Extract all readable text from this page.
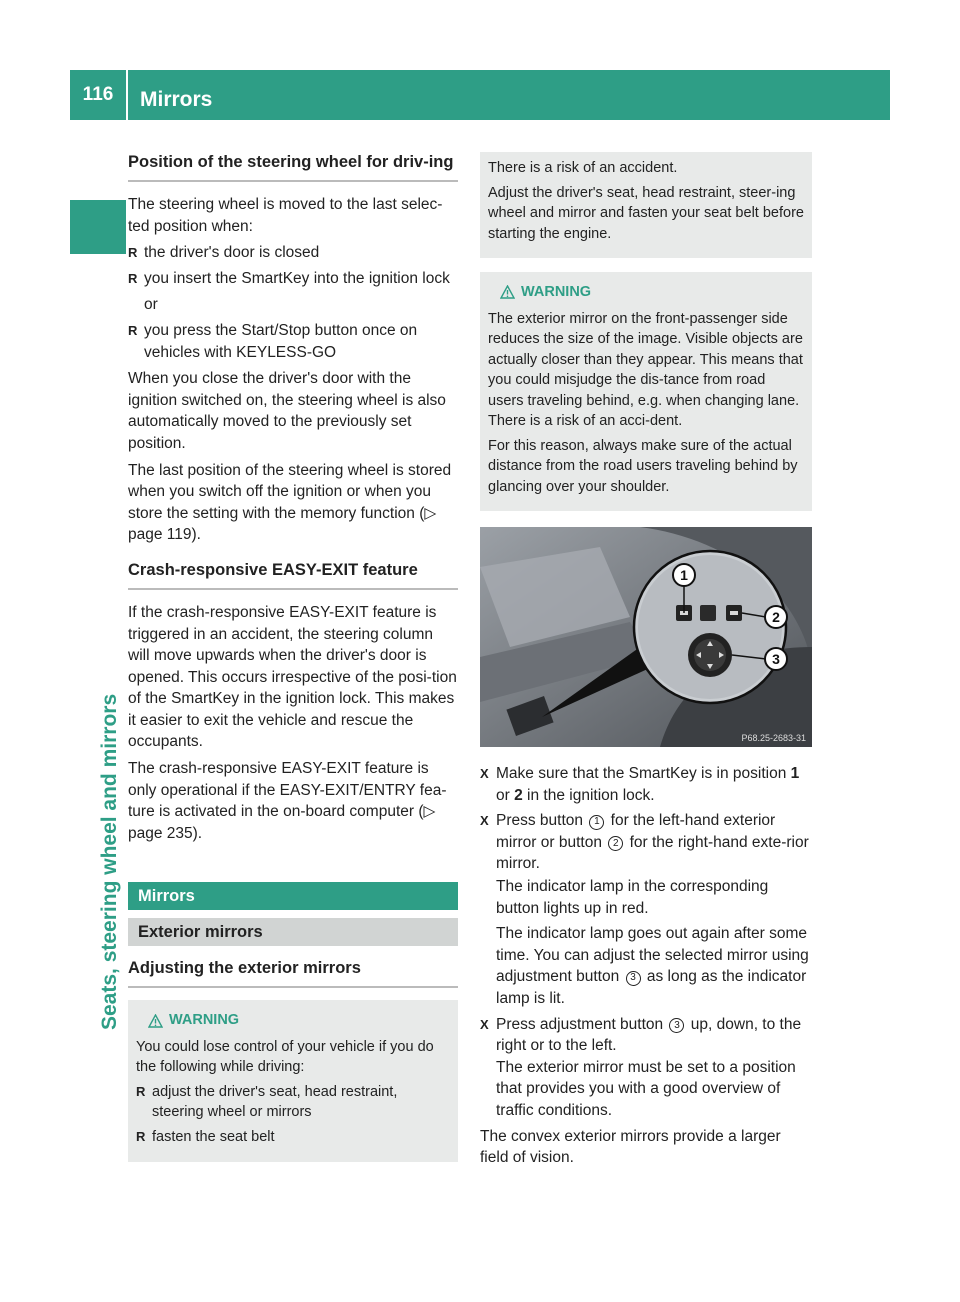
116	Mirrors
Seats, steering wheel and mirrors
Position of the steering wheel for driv-ing

The steering wheel is moved to the last selec-ted position when:

R the driver's door is closed
R you insert the SmartKey into the ignition lock
or
R you press the Start/Stop button once on vehicles with KEYLESS-GO

When you close the driver's door with the ignition switched on, the steering wheel is also automatically moved to the previously set position.

The last position of the steering wheel is stored when you switch off the ignition or when you store the setting with the memory function (▷ page 119).

Crash-responsive EASY-EXIT feature

If the crash-responsive EASY-EXIT feature is triggered in an accident, the steering column will move upwards when the driver's door is opened. This occurs irrespective of the posi-tion of the SmartKey in the ignition lock. This makes it easier to exit the vehicle and rescue the occupants.

The crash-responsive EASY-EXIT feature is only operational if the EASY-EXIT/ENTRY fea-ture is activated in the on-board computer (▷ page 235).

Mirrors
Exterior mirrors
Adjusting the exterior mirrors
WARNING

You could lose control of your vehicle if you do the following while driving:

R adjust the driver's seat, head restraint, steering wheel or mirrors
R fasten the seat belt

There is a risk of an accident.

Adjust the driver's seat, head restraint, steer-ing wheel and mirror and fasten your seat belt before starting the engine.

WARNING

The exterior mirror on the front-passenger side reduces the size of the image. Visible objects are actually closer than they appear. This means that you could misjudge the dis-tance from road users traveling behind, e.g. when changing lane. There is a risk of an acci-dent.

For this reason, always make sure of the actual distance from the road users traveling behind by glancing over your shoulder.

1
2
3
P68.25-2683-31
X Make sure that the SmartKey is in position 1 or 2 in the ignition lock.
X Press button 1 for the left-hand exterior mirror or button 2 for the right-hand exte-rior mirror.
The indicator lamp in the corresponding button lights up in red.
The indicator lamp goes out again after some time. You can adjust the selected mirror using adjustment button 3 as long as the indicator lamp is lit.
X Press adjustment button 3 up, down, to the right or to the left.
The exterior mirror must be set to a position that provides you with a good overview of traffic conditions.

The convex exterior mirrors provide a larger field of vision.
